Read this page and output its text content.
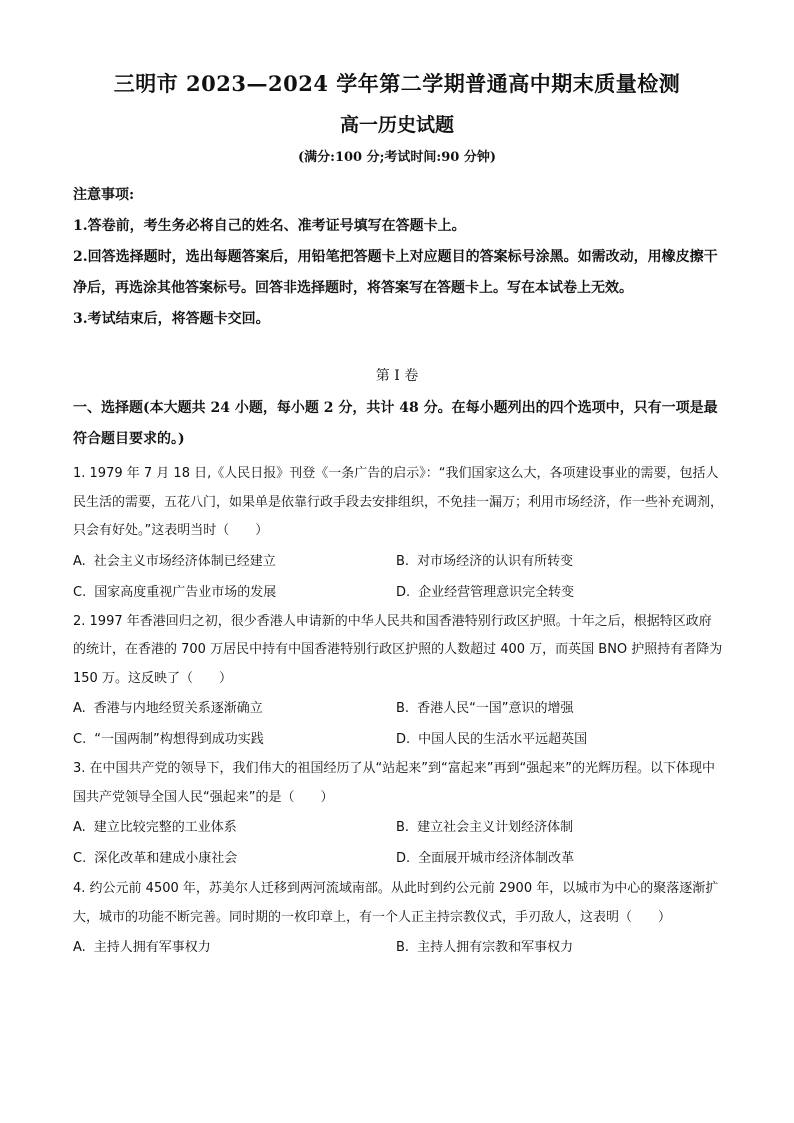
三明市 2023—2024 学年第二学期普通高中期末质量检测
高一历史试题
(满分:100 分;考试时间:90 分钟)

注意事项:

1.答卷前，考生务必将自己的姓名、准考证号填写在答题卡上。

2.回答选择题时，选出每题答案后，用铅笔把答题卡上对应题目的答案标号涂黑。如需改动，用橡皮擦干净后，再选涂其他答案标号。回答非选择题时，将答案写在答题卡上。写在本试卷上无效。

3.考试结束后，将答题卡交回。

第 I 卷
一、选择题(本大题共 24 小题，每小题 2 分，共计 48 分。在每小题列出的四个选项中，只有一项是最符合题目要求的。)

1. 1979 年 7 月 18 日,《人民日报》刊登《一条广告的启示》：“我们国家这么大，各项建设事业的需要，包括人民生活的需要，五花八门，如果单是依靠行政手段去安排组织，不免挂一漏万；利用市场经济，作一些补充调剂，只会有好处。”这表明当时（　　）

A. 社会主义市场经济体制已经建立	B. 对市场经济的认识有所转变
C. 国家高度重视广告业市场的发展	D. 企业经营管理意识完全转变

2. 1997 年香港回归之初，很少香港人申请新的中华人民共和国香港特别行政区护照。十年之后，根据特区政府的统计，在香港的 700 万居民中持有中国香港特别行政区护照的人数超过 400 万，而英国 BNO 护照持有者降为 150 万。这反映了（　　）

A. 香港与内地经贸关系逐渐确立	B. 香港人民“一国”意识的增强
C. “一国两制”构想得到成功实践	D. 中国人民的生活水平远超英国

3. 在中国共产党的领导下，我们伟大的祖国经历了从“站起来”到“富起来”再到“强起来”的光辉历程。以下体现中国共产党领导全国人民“强起来”的是（　　）

A. 建立比较完整的工业体系	B. 建立社会主义计划经济体制
C. 深化改革和建成小康社会	D. 全面展开城市经济体制改革

4. 约公元前 4500 年，苏美尔人迁移到两河流域南部。从此时到约公元前 2900 年，以城市为中心的聚落逐渐扩大，城市的功能不断完善。同时期的一枚印章上，有一个人正主持宗教仪式，手刃敌人，这表明（　　）

A. 主持人拥有军事权力	B. 主持人拥有宗教和军事权力
